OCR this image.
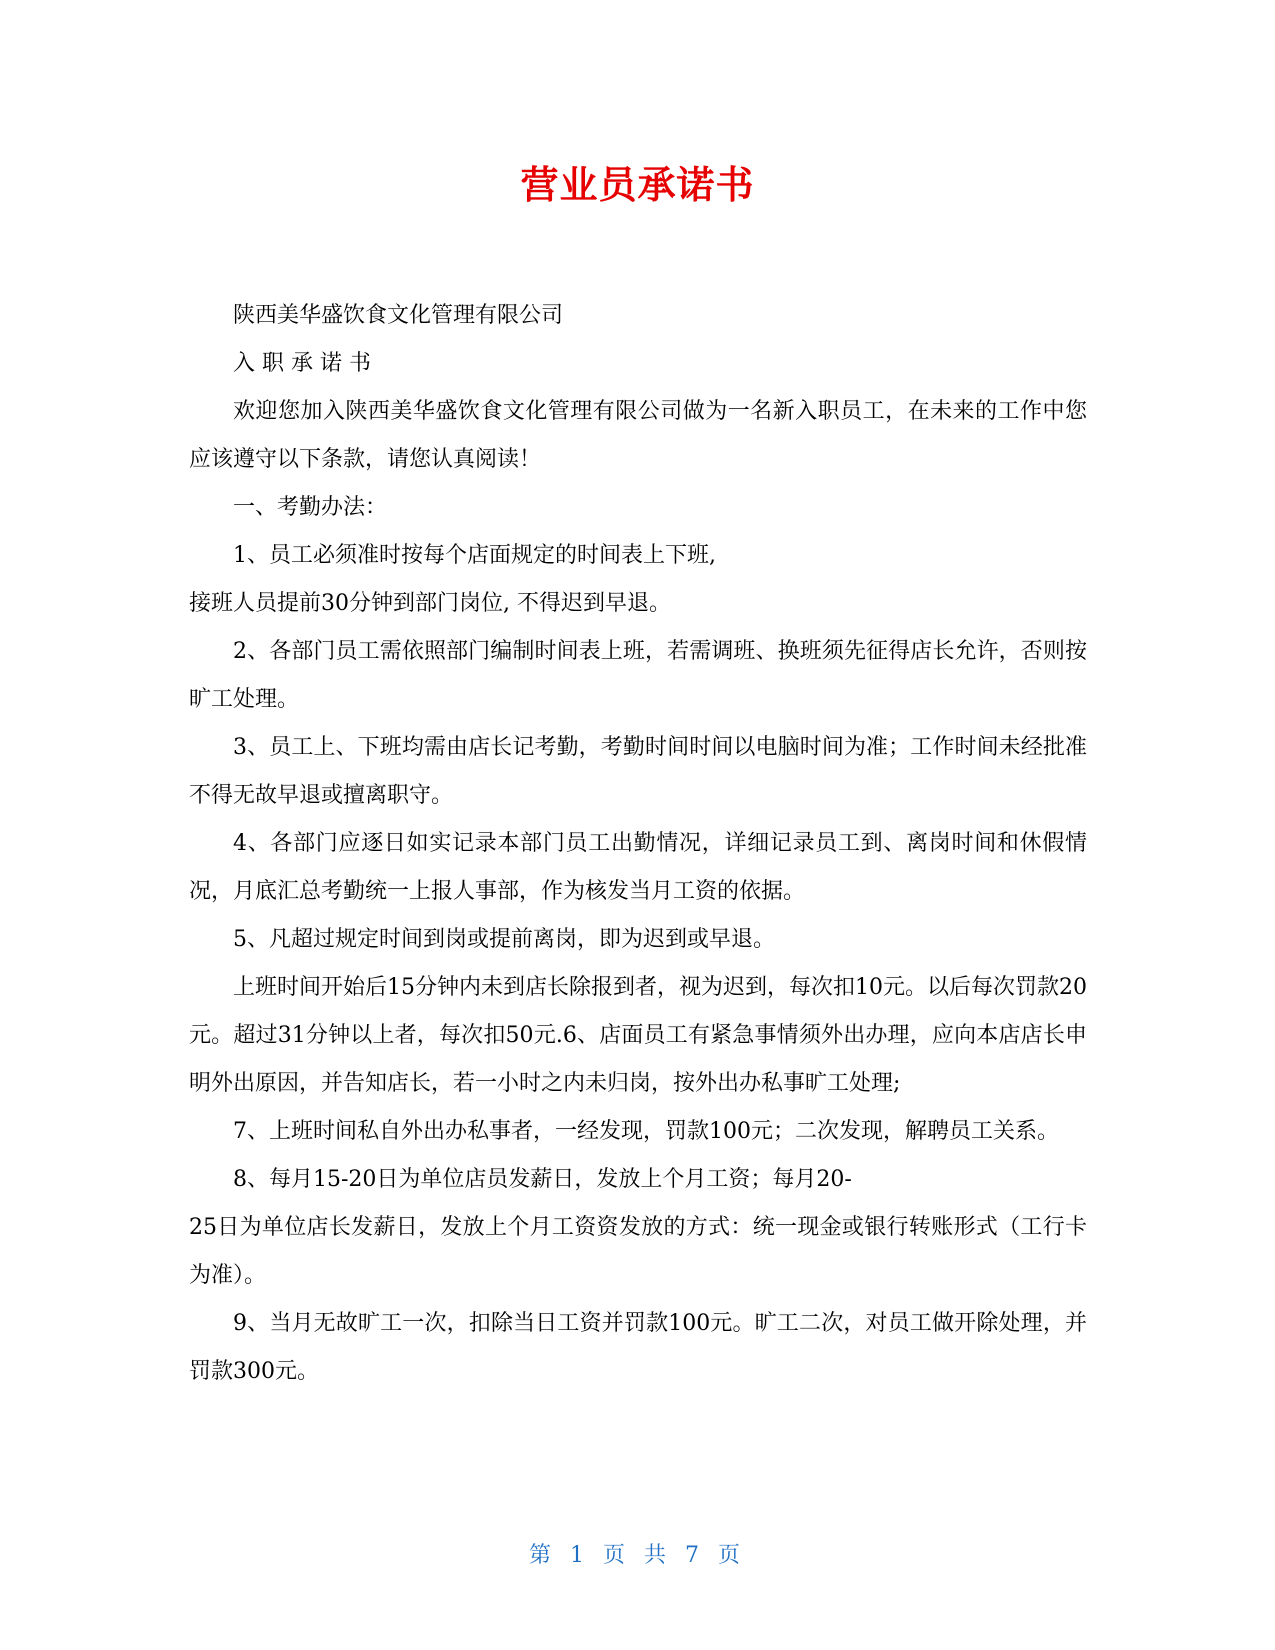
营业员承诺书

陕西美华盛饮食文化管理有限公司

入 职 承 诺 书

欢迎您加入陕西美华盛饮食文化管理有限公司做为一名新入职员工，在未来的工作中您应该遵守以下条款，请您认真阅读！

一、考勤办法：

1、员工必须准时按每个店面规定的时间表上下班,

接班人员提前30分钟到部门岗位, 不得迟到早退。

2、各部门员工需依照部门编制时间表上班，若需调班、换班须先征得店长允许，否则按旷工处理。

3、员工上、下班均需由店长记考勤，考勤时间时间以电脑时间为准；工作时间未经批准不得无故早退或擅离职守。

4、各部门应逐日如实记录本部门员工出勤情况，详细记录员工到、离岗时间和休假情况，月底汇总考勤统一上报人事部，作为核发当月工资的依据。

5、凡超过规定时间到岗或提前离岗，即为迟到或早退。

上班时间开始后15分钟内未到店长除报到者，视为迟到，每次扣10元。以后每次罚款20元。超过31分钟以上者，每次扣50元.6、店面员工有紧急事情须外出办理，应向本店店长申明外出原因，并告知店长，若一小时之内未归岗，按外出办私事旷工处理;

7、上班时间私自外出办私事者，一经发现，罚款100元；二次发现，解聘员工关系。

8、每月15-20日为单位店员发薪日，发放上个月工资；每月20-

25日为单位店长发薪日，发放上个月工资资发放的方式：统一现金或银行转账形式（工行卡为准）。

9、当月无故旷工一次，扣除当日工资并罚款100元。旷工二次，对员工做开除处理，并罚款300元。

第 1 页 共 7 页
